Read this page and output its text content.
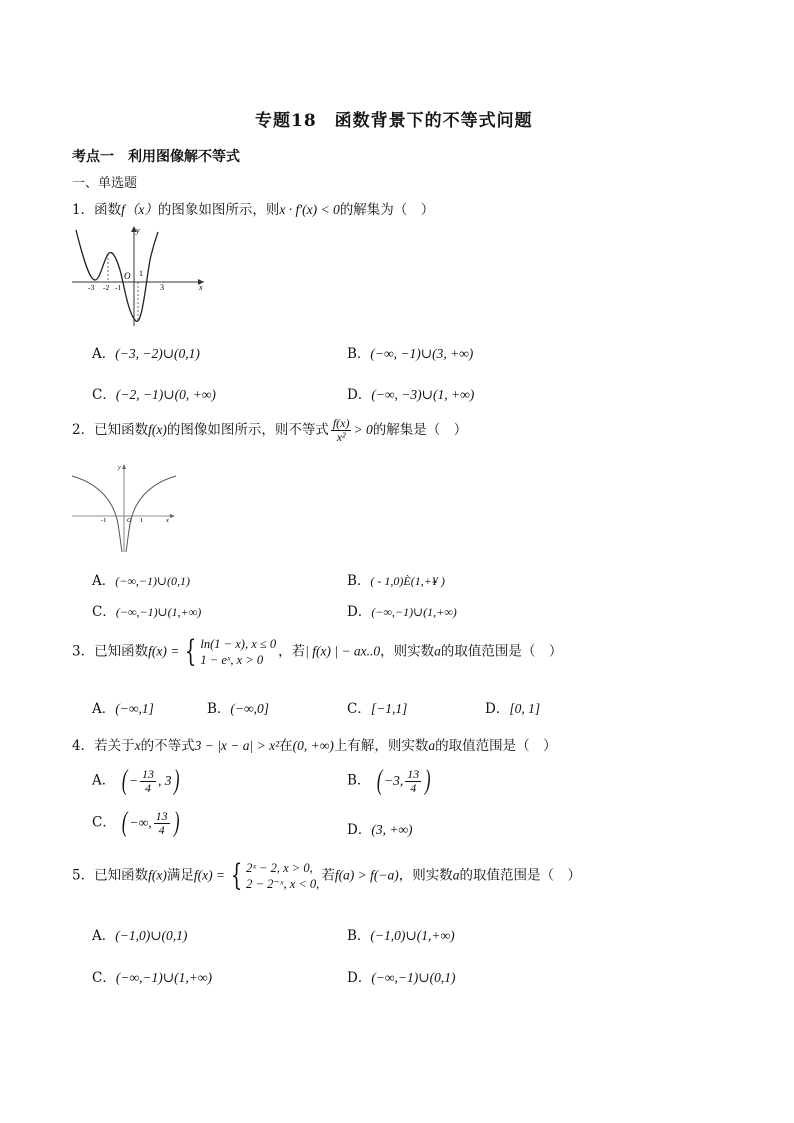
专题18　函数背景下的不等式问题
考点一　利用图像解不等式
一、单选题
1．函数f（x）的图象如图所示，则x · f′(x) < 0的解集为（　）
y
O 1
3	x
-3 -2 -1
A．(−3, −2)∪(0,1)	B．(−∞, −1)∪(3, +∞)
C．(−2, −1)∪(0, +∞)	D．(−∞, −3)∪(1, +∞)
2．已知函数f(x)的图像如图所示，则不等式 $\frac{f(x)}{\text{x²}} > 0$的解集是（　）
y
-1	O 1	x
A．(−∞,−1)∪(0,1)	B．( - 1,0)È(1,+¥ )
C．(−∞,−1)∪(1,+∞)	D．(−∞,−1)∪(1,+∞)
3．已知函数f(x) = { ln(1 − x), x ≤ 0
1 − eˣ, x > 0
，若| f(x) | − ax..0，则实数a的取值范围是（　）
A．(−∞,1]	B．(−∞,0]	C．[−1,1]	D．[0, 1]
4．若关于x的不等式3 − |x − a| > x²在(0, +∞)上有解，则实数a的取值范围是（　）
A． ( − $\frac{13}{4}$ , 3 )	B． ( −3, $\frac{13}{4}$ )
C． ( −∞, $\frac{13}{4}$ )	D．(3, +∞)
5．已知函数f(x)满足f(x) = { 2ˣ − 2, x > 0,
2 − 2⁻ˣ, x < 0,
若f(a) > f(−a)，则实数a的取值范围是（　）
A．(−1,0)∪(0,1)	B．(−1,0)∪(1,+∞)
C．(−∞,−1)∪(1,+∞)	D．(−∞,−1)∪(0,1)
